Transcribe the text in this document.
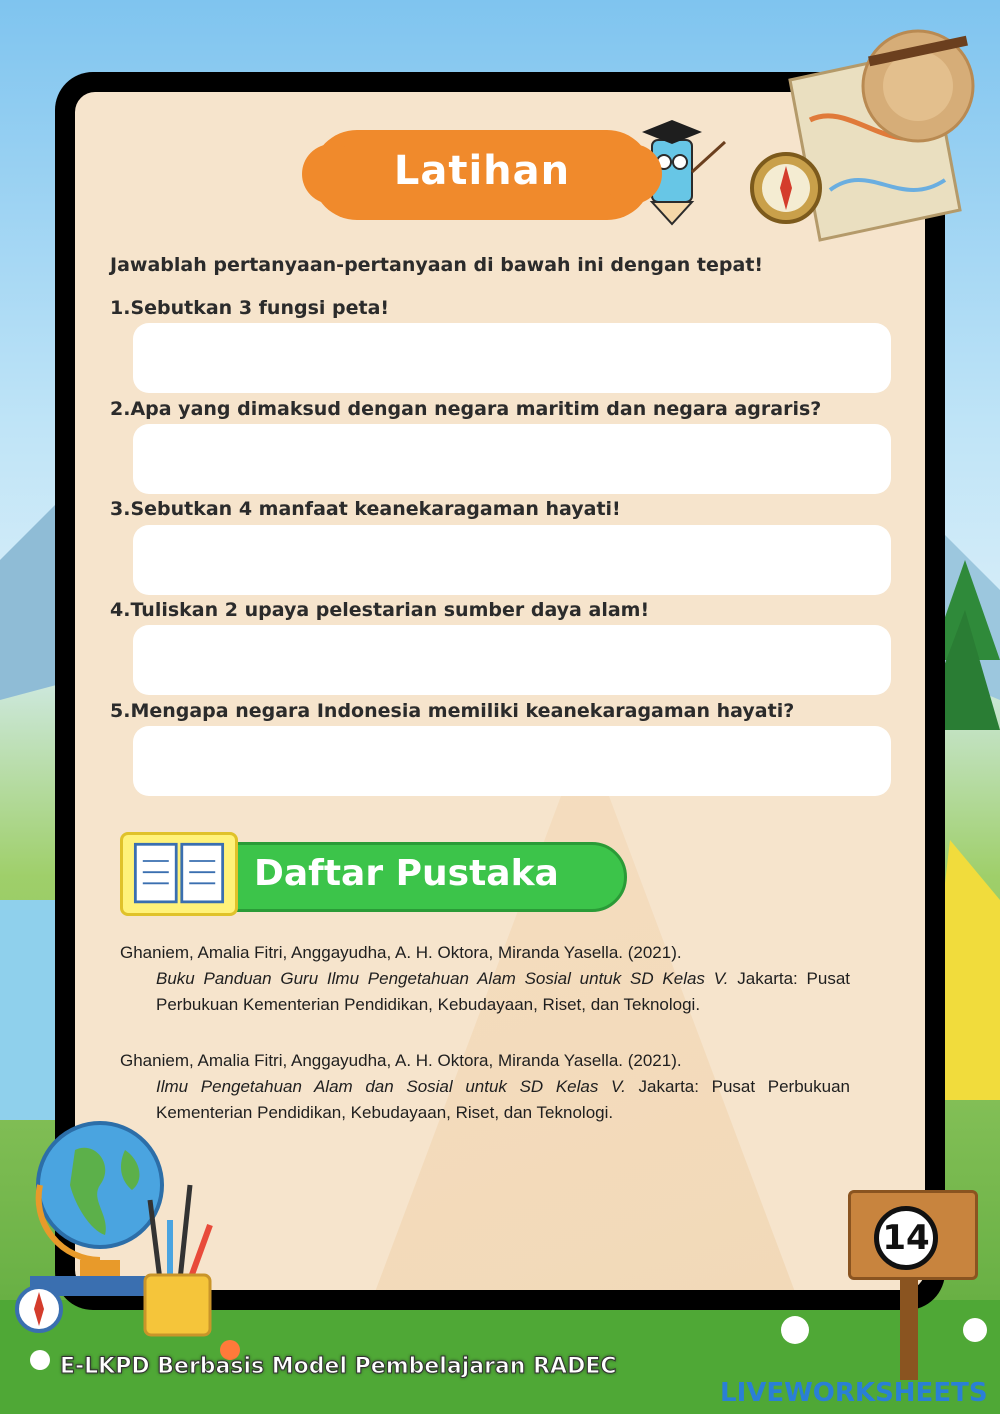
Latihan
Jawablah pertanyaan-pertanyaan di bawah ini dengan tepat!
1.Sebutkan 3 fungsi peta!
2.Apa yang dimaksud dengan negara maritim dan negara agraris?
3.Sebutkan 4 manfaat keanekaragaman hayati!
4.Tuliskan 2 upaya pelestarian sumber daya alam!
5.Mengapa negara Indonesia memiliki keanekaragaman hayati?
Daftar Pustaka
Ghaniem, Amalia Fitri, Anggayudha, A. H. Oktora, Miranda Yasella. (2021).
Buku Panduan Guru Ilmu Pengetahuan Alam Sosial untuk SD Kelas V. Jakarta: Pusat Perbukuan Kementerian Pendidikan, Kebudayaan, Riset, dan Teknologi.
Ghaniem, Amalia Fitri, Anggayudha, A. H. Oktora, Miranda Yasella. (2021).
Ilmu Pengetahuan Alam dan Sosial untuk SD Kelas V. Jakarta: Pusat Perbukuan Kementerian Pendidikan, Kebudayaan, Riset, dan Teknologi.
14
E-LKPD Berbasis Model Pembelajaran RADEC
LIVEWORKSHEETS
